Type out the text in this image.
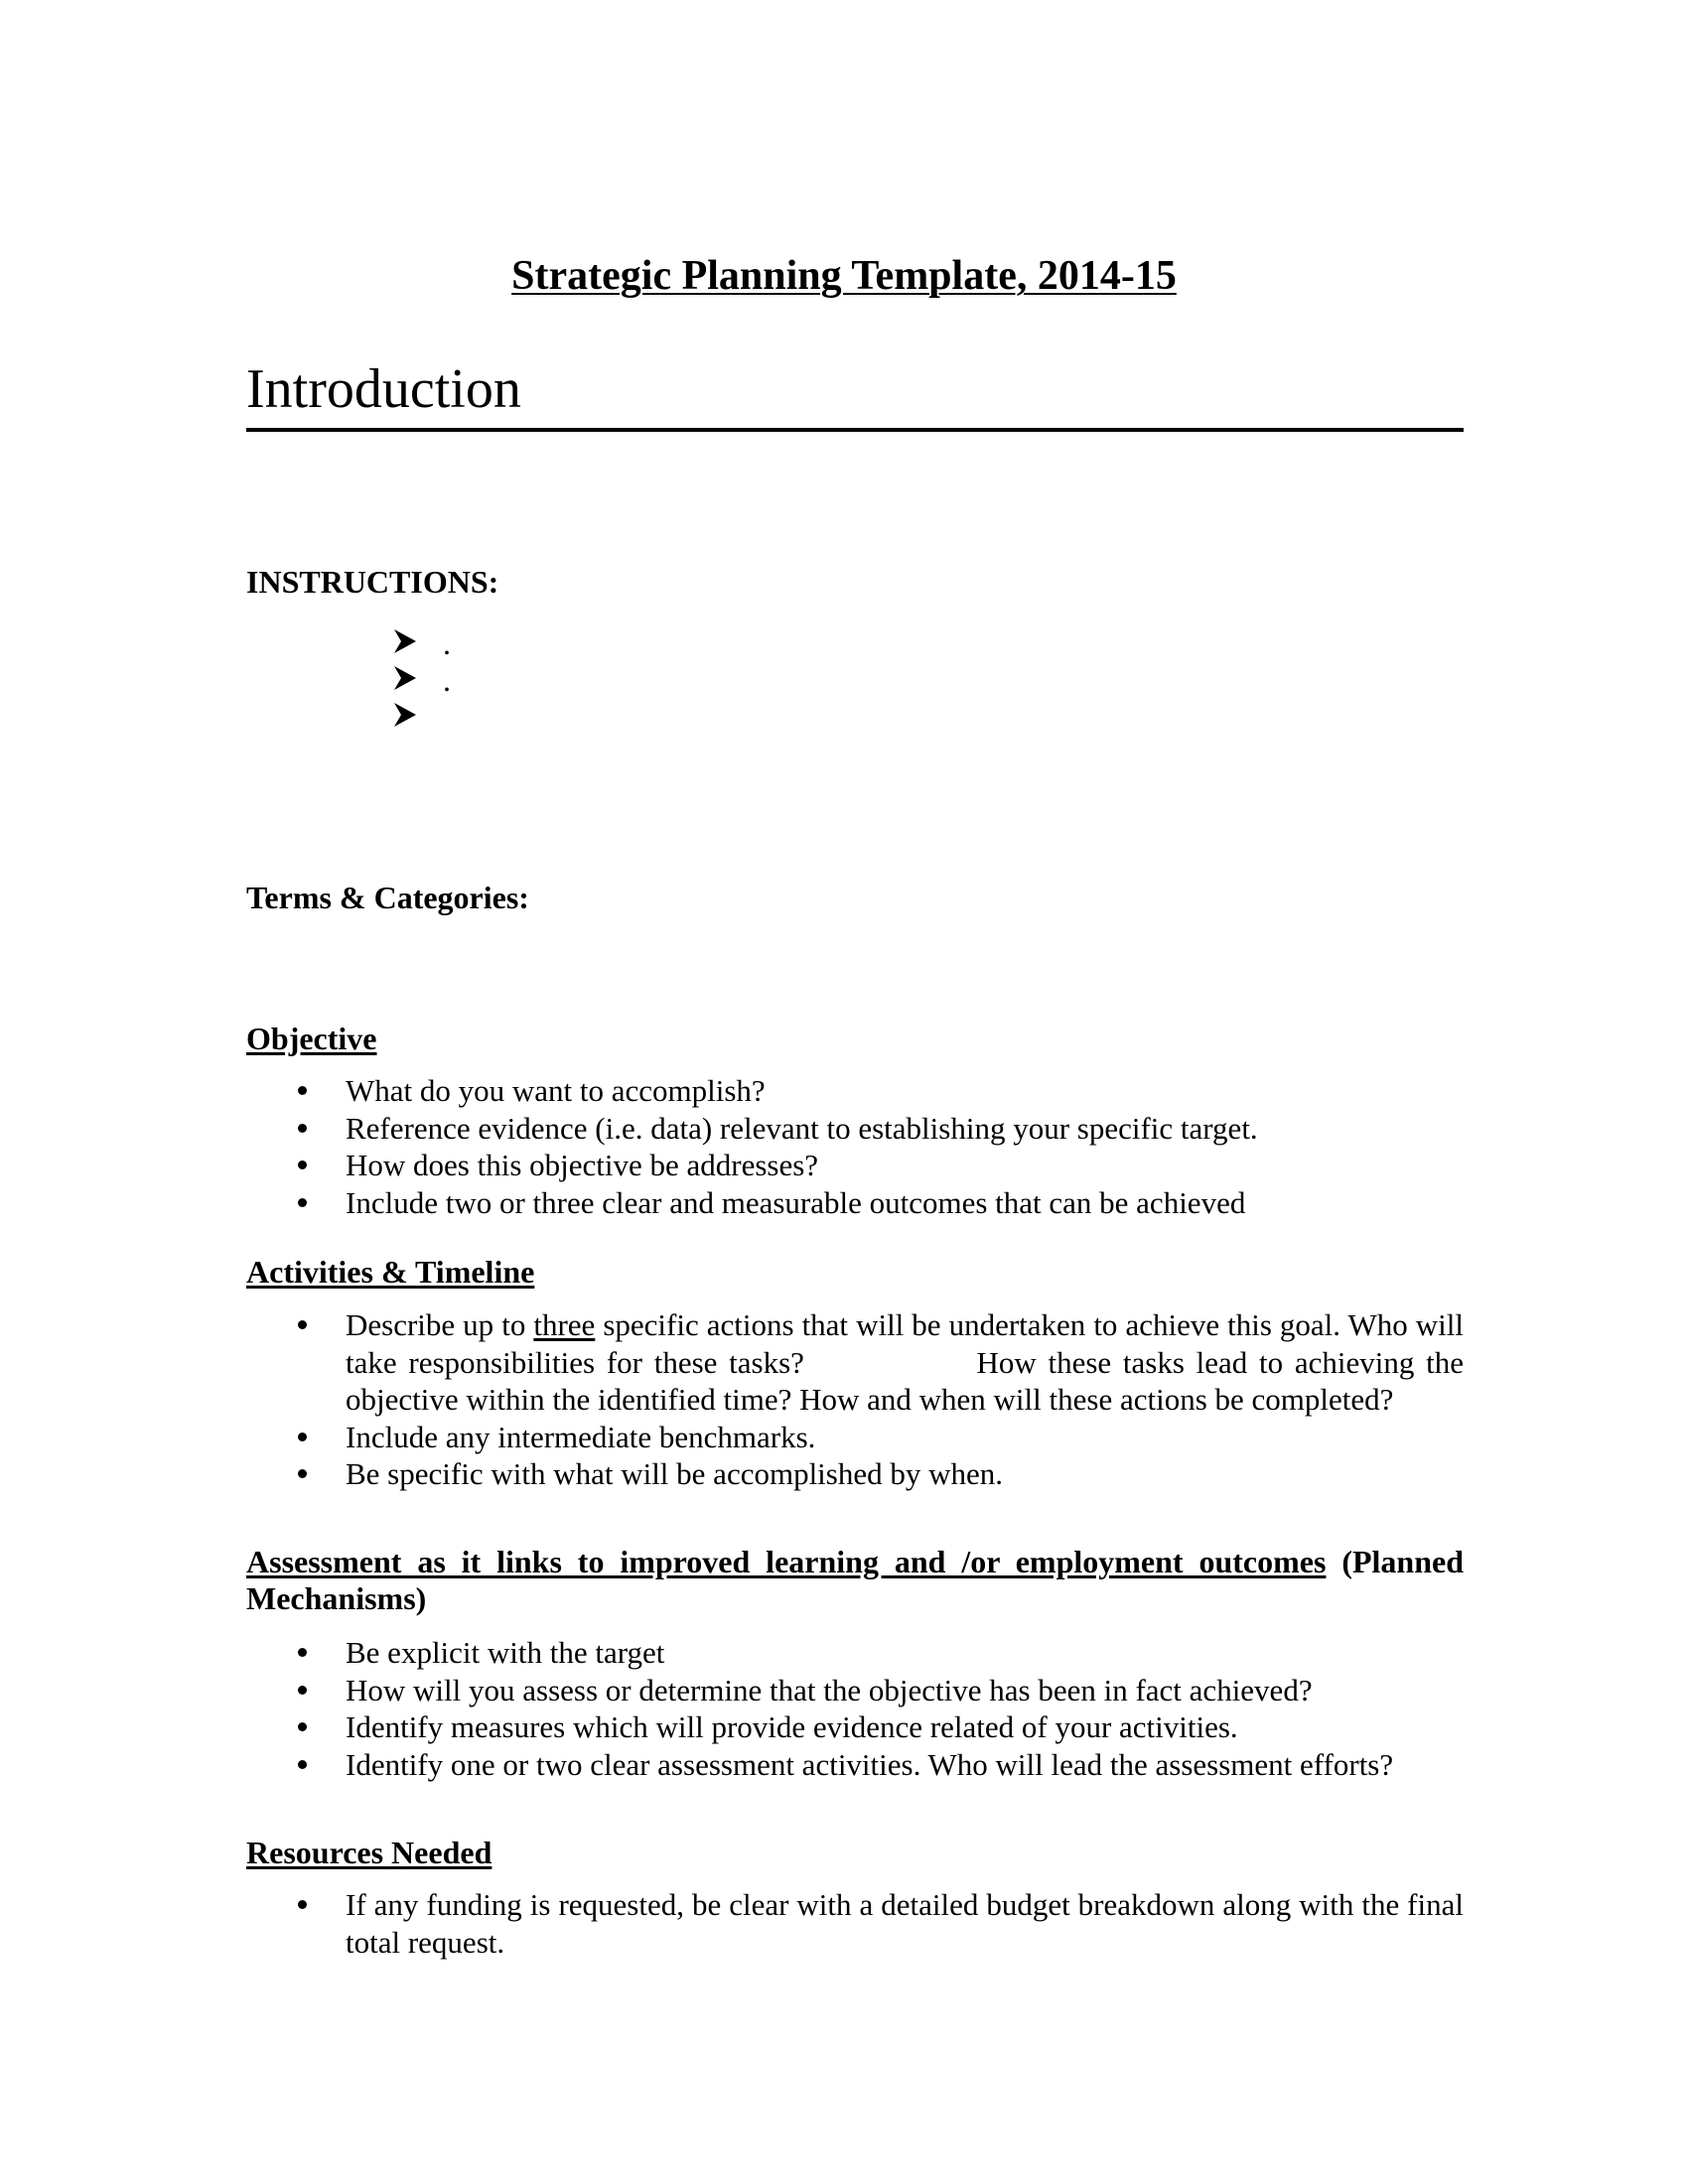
Strategic Planning Template, 2014-15
Introduction
INSTRUCTIONS:
.
.
Terms & Categories:
Objective
What do you want to accomplish?
Reference evidence (i.e. data) relevant to establishing your specific target.
How does this objective be addresses?
Include two or three clear and measurable outcomes that can be achieved
Activities & Timeline
Describe up to three specific actions that will be undertaken to achieve this goal. Who will take responsibilities for these tasks?	How these tasks lead to achieving the objective within the identified time? How and when will these actions be completed?
Include any intermediate benchmarks.
Be specific with what will be accomplished by when.
Assessment as it links to improved learning and /or employment outcomes (Planned Mechanisms)
Be explicit with the target
How will you assess or determine that the objective has been in fact achieved?
Identify measures which will provide evidence related of your activities.
Identify one or two clear assessment activities. Who will lead the assessment efforts?
Resources Needed
If any funding is requested, be clear with a detailed budget breakdown along with the final total request.
